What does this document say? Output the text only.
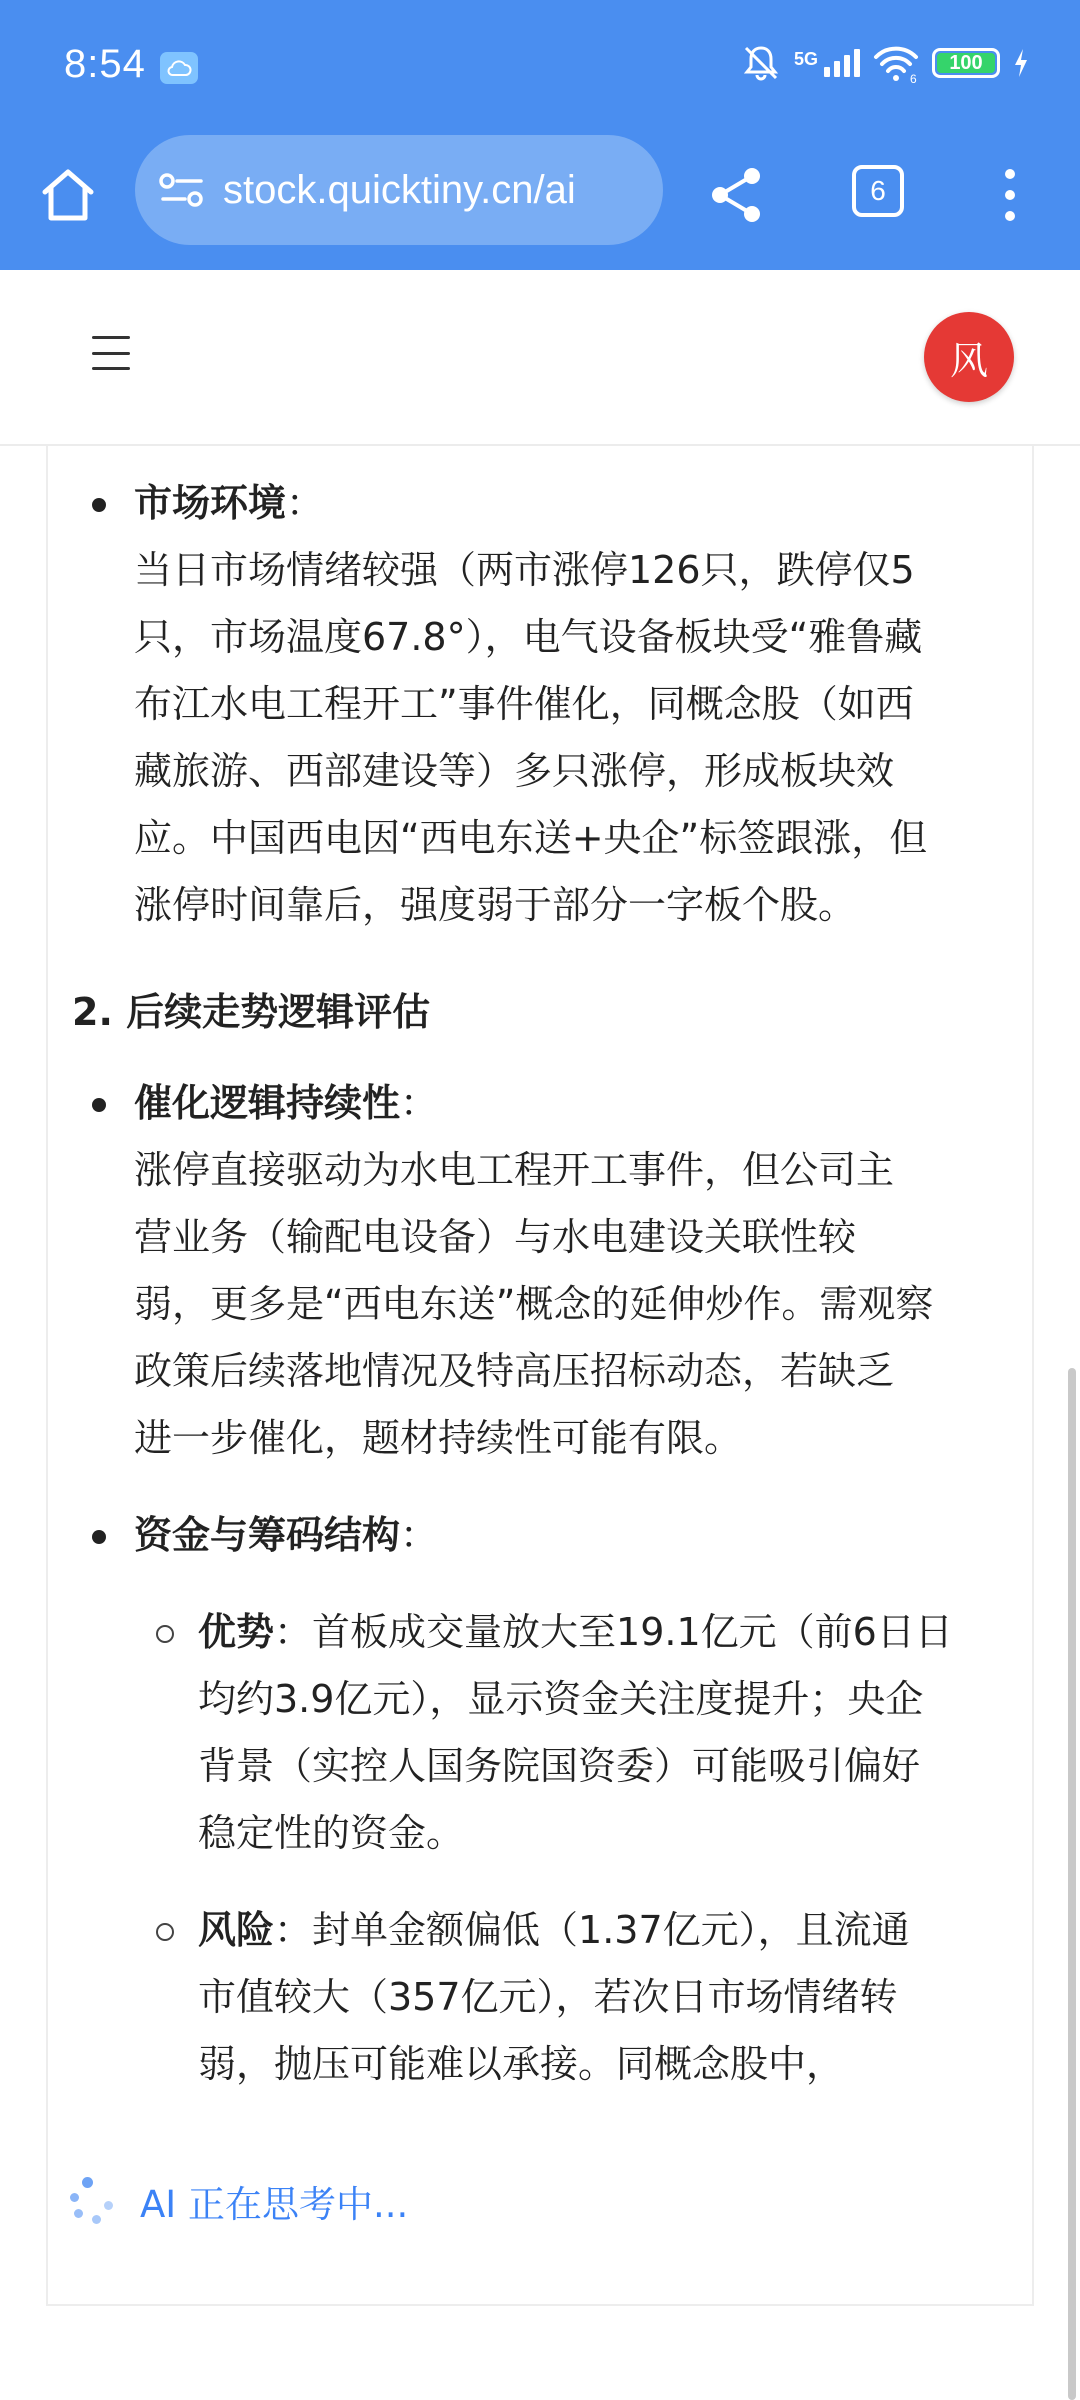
8:54	5G
6
100
stock.quicktiny.cn/ai	6
风
市场环境：
当日市场情绪较强（两市涨停126只，跌停仅5
只，市场温度67.8°），电气设备板块受“雅鲁藏
布江水电工程开工”事件催化，同概念股（如西
藏旅游、西部建设等）多只涨停，形成板块效
应。中国西电因“西电东送+央企”标签跟涨，但
涨停时间靠后，强度弱于部分一字板个股。
2. 后续走势逻辑评估
催化逻辑持续性：
涨停直接驱动为水电工程开工事件，但公司主
营业务（输配电设备）与水电建设关联性较
弱，更多是“西电东送”概念的延伸炒作。需观察
政策后续落地情况及特高压招标动态，若缺乏
进一步催化，题材持续性可能有限。
资金与筹码结构：
优势：首板成交量放大至19.1亿元（前6日日
均约3.9亿元），显示资金关注度提升；央企
背景（实控人国务院国资委）可能吸引偏好
稳定性的资金。
风险：封单金额偏低（1.37亿元），且流通
市值较大（357亿元），若次日市场情绪转
弱，抛压可能难以承接。同概念股中，
AI 正在思考中...
